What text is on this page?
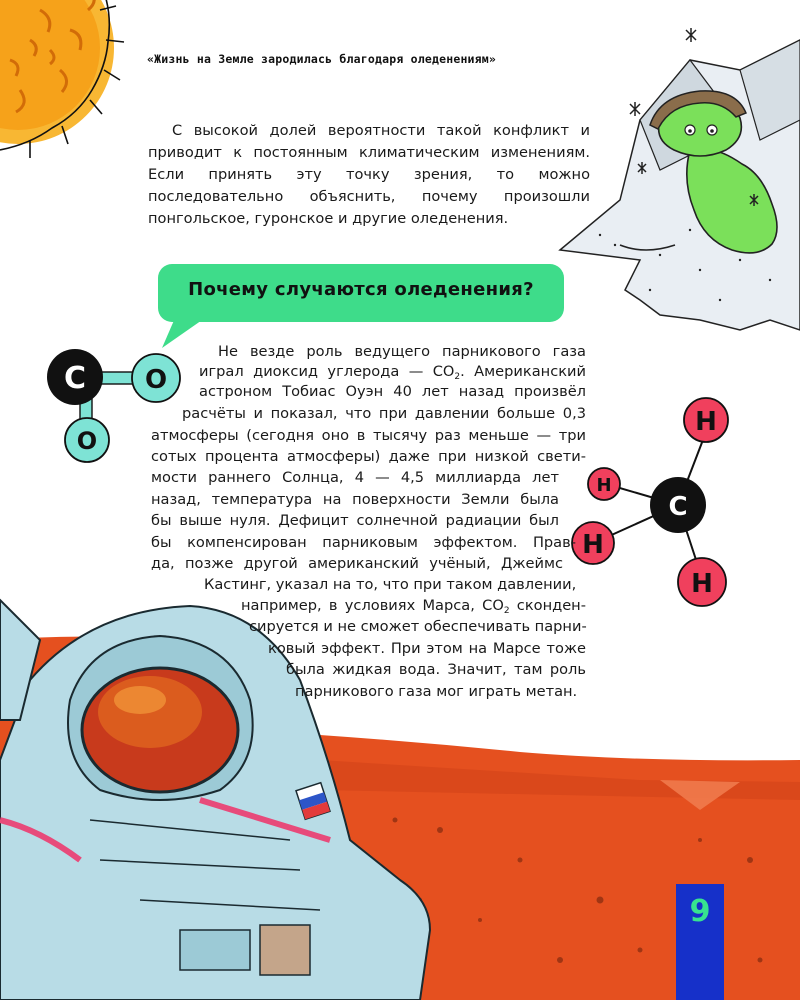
C O
O
C
H
H
H
H
«Жизнь на Земле зародилась благодаря оледенениям»

С высокой долей вероятности такой конфликт и приводит к постоянным климатическим изменениям. Если принять эту точку зрения, то можно последовательно объяснить, почему произошли понгольское, гуронское и другие оледенения.

Почему случаются оледенения?

Не везде роль ведущего парникового газа

играл диоксид углерода — $CO_2$. Американский

астроном Тобиас Оуэн 40 лет назад произвёл

расчёты и показал, что при давлении больше 0,3

атмосферы (сегодня оно в тысячу раз меньше — три

сотых процента атмосферы) даже при низкой свети-

мости раннего Солнца, 4 — 4,5 миллиарда лет

назад, температура на поверхности Земли была

бы выше нуля. Дефицит солнечной радиации был

бы компенсирован парниковым эффектом. Прав-

да, позже другой американский учёный, Джеймс

Кастинг, указал на то, что при таком давлении,

например, в условиях Марса, $CO_2$ сконден-

сируется и не сможет обеспечивать парни-

ковый эффект. При этом на Марсе тоже

была жидкая вода. Значит, там роль

парникового газа мог играть метан.

9
